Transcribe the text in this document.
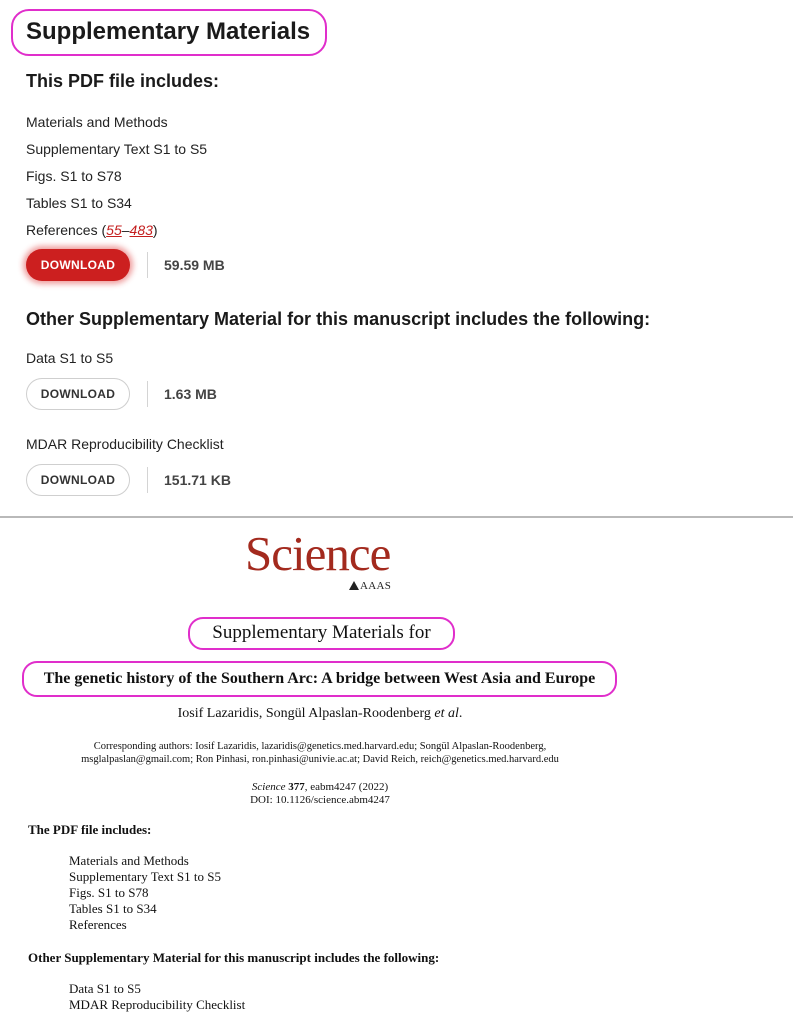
Supplementary Materials
This PDF file includes:
Materials and Methods
Supplementary Text S1 to S5
Figs. S1 to S78
Tables S1 to S34
References (55–483)
DOWNLOAD	59.59 MB
Other Supplementary Material for this manuscript includes the following:
Data S1 to S5
DOWNLOAD	1.63 MB
MDAR Reproducibility Checklist
DOWNLOAD	151.71 KB
Science
AAAS
Supplementary Materials for
The genetic history of the Southern Arc: A bridge between West Asia and Europe
Iosif Lazaridis, Songül Alpaslan-Roodenberg et al.
Corresponding authors: Iosif Lazaridis, lazaridis@genetics.med.harvard.edu; Songül Alpaslan-Roodenberg,
msglalpaslan@gmail.com; Ron Pinhasi, ron.pinhasi@univie.ac.at; David Reich, reich@genetics.med.harvard.edu
Science 377, eabm4247 (2022)
DOI: 10.1126/science.abm4247
The PDF file includes:
Materials and Methods
Supplementary Text S1 to S5
Figs. S1 to S78
Tables S1 to S34
References
Other Supplementary Material for this manuscript includes the following:
Data S1 to S5
MDAR Reproducibility Checklist
